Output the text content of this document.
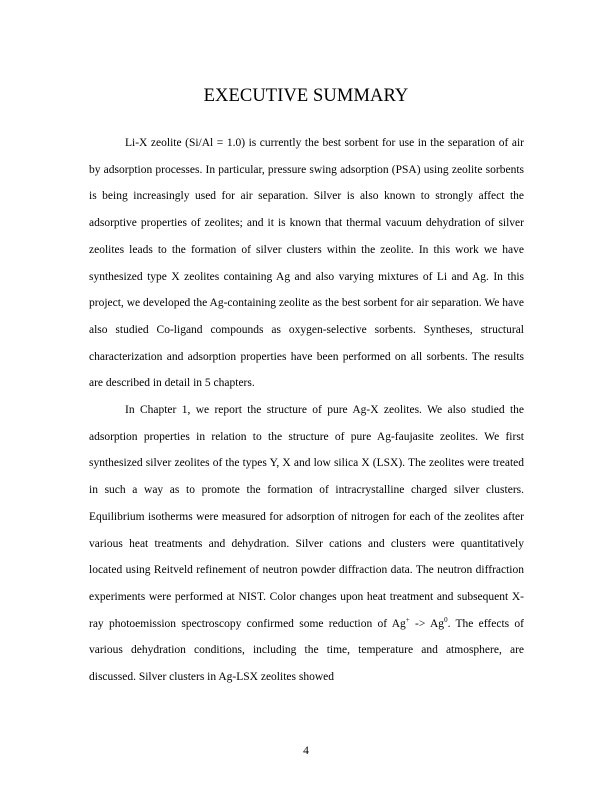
EXECUTIVE SUMMARY

Li-X zeolite (Si/Al = 1.0) is currently the best sorbent for use in the separation of air by adsorption processes. In particular, pressure swing adsorption (PSA) using zeolite sorbents is being increasingly used for air separation. Silver is also known to strongly affect the adsorptive properties of zeolites; and it is known that thermal vacuum dehydration of silver zeolites leads to the formation of silver clusters within the zeolite. In this work we have synthesized type X zeolites containing Ag and also varying mixtures of Li and Ag. In this project, we developed the Ag-containing zeolite as the best sorbent for air separation. We have also studied Co-ligand compounds as oxygen-selective sorbents. Syntheses, structural characterization and adsorption properties have been performed on all sorbents. The results are described in detail in 5 chapters.

In Chapter 1, we report the structure of pure Ag-X zeolites. We also studied the adsorption properties in relation to the structure of pure Ag-faujasite zeolites. We first synthesized silver zeolites of the types Y, X and low silica X (LSX). The zeolites were treated in such a way as to promote the formation of intracrystalline charged silver clusters. Equilibrium isotherms were measured for adsorption of nitrogen for each of the zeolites after various heat treatments and dehydration. Silver cations and clusters were quantitatively located using Reitveld refinement of neutron powder diffraction data. The neutron diffraction experiments were performed at NIST. Color changes upon heat treatment and subsequent X-ray photoemission spectroscopy confirmed some reduction of $Ag^+ -> Ag^0$. The effects of various dehydration conditions, including the time, temperature and atmosphere, are discussed. Silver clusters in Ag-LSX zeolites showed

4
